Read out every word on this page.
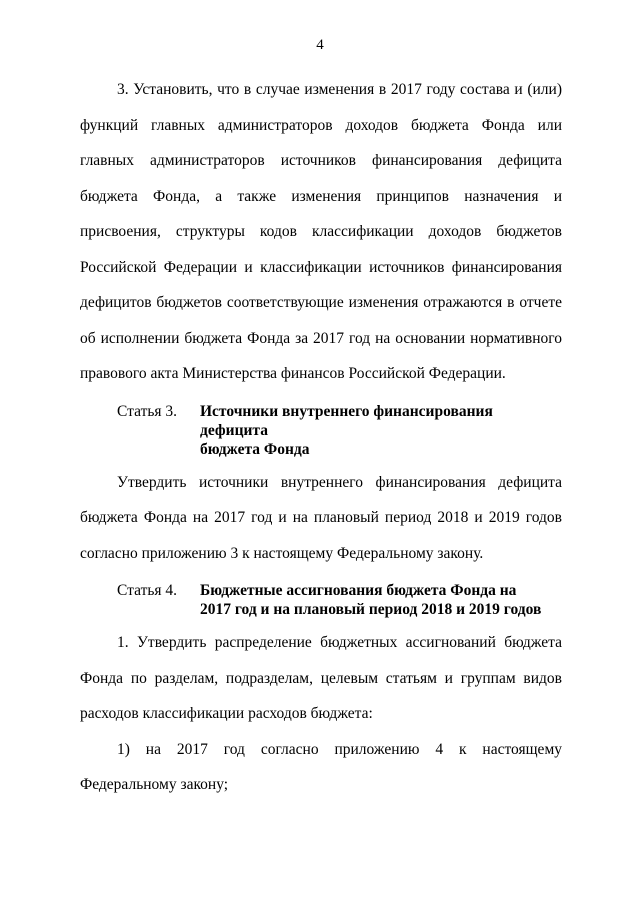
4

3. Установить, что в случае изменения в 2017 году состава и (или) функций главных администраторов доходов бюджета Фонда или главных администраторов источников финансирования дефицита бюджета Фонда, а также изменения принципов назначения и присвоения, структуры кодов классификации доходов бюджетов Российской Федерации и классификации источников финансирования дефицитов бюджетов соответствующие изменения отражаются в отчете об исполнении бюджета Фонда за 2017 год на основании нормативного правового акта Министерства финансов Российской Федерации.

Статья 3.	Источники внутреннего финансирования дефицита
бюджета Фонда

Утвердить источники внутреннего финансирования дефицита бюджета Фонда на 2017 год и на плановый период 2018 и 2019 годов согласно приложению 3 к настоящему Федеральному закону.

Статья 4.	Бюджетные ассигнования бюджета Фонда на
2017 год и на плановый период 2018 и 2019 годов

1. Утвердить распределение бюджетных ассигнований бюджета Фонда по разделам, подразделам, целевым статьям и группам видов расходов классификации расходов бюджета:

1) на 2017 год согласно приложению 4 к настоящему Федеральному закону;
